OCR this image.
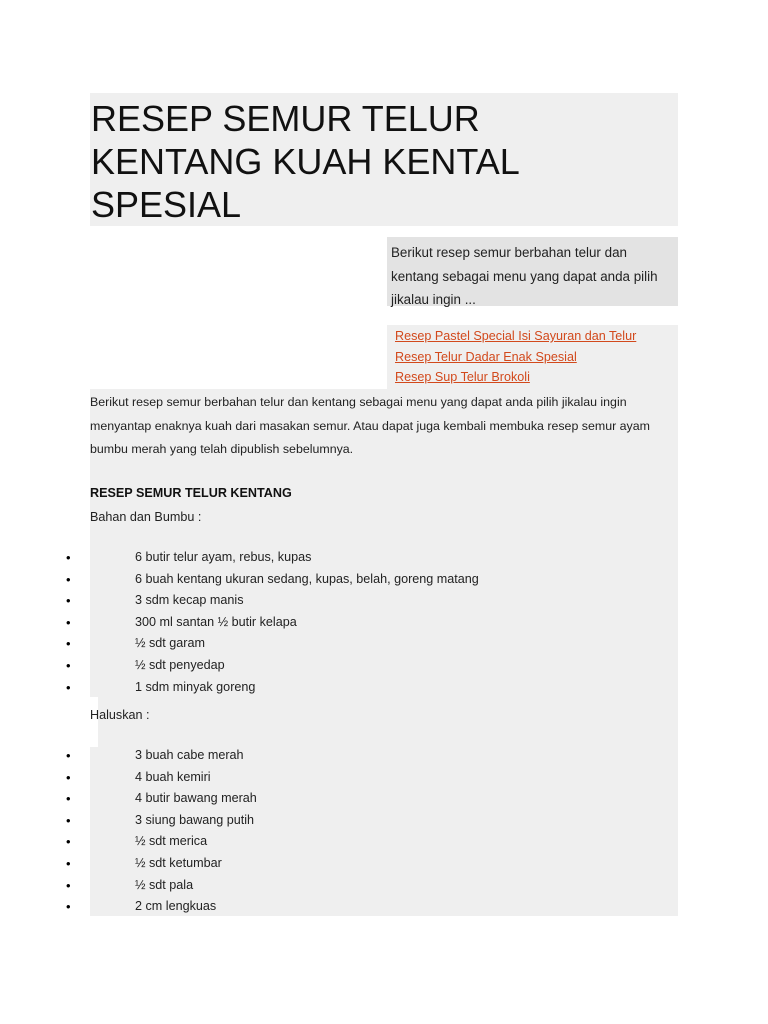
RESEP SEMUR TELUR KENTANG KUAH KENTAL SPESIAL
Berikut resep semur berbahan telur dan kentang sebagai menu yang dapat anda pilih jikalau ingin ...
Resep Pastel Special Isi Sayuran dan Telur
Resep Telur Dadar Enak Spesial
Resep Sup Telur Brokoli
Berikut resep semur berbahan telur dan kentang sebagai menu yang dapat anda pilih jikalau ingin menyantap enaknya kuah dari masakan semur. Atau dapat juga kembali membuka resep semur ayam bumbu merah yang telah dipublish sebelumnya.
RESEP SEMUR TELUR KENTANG
Bahan dan Bumbu :
•	6 butir telur ayam, rebus, kupas
•	6 buah kentang ukuran sedang, kupas, belah, goreng matang
•	3 sdm kecap manis
•	300 ml santan ½ butir kelapa
•	½ sdt garam
•	½ sdt penyedap
•	1 sdm minyak goreng
Haluskan :
•	3 buah cabe merah
•	4 buah kemiri
•	4 butir bawang merah
•	3 siung bawang putih
•	½ sdt merica
•	½ sdt ketumbar
•	½ sdt pala
•	2 cm lengkuas
